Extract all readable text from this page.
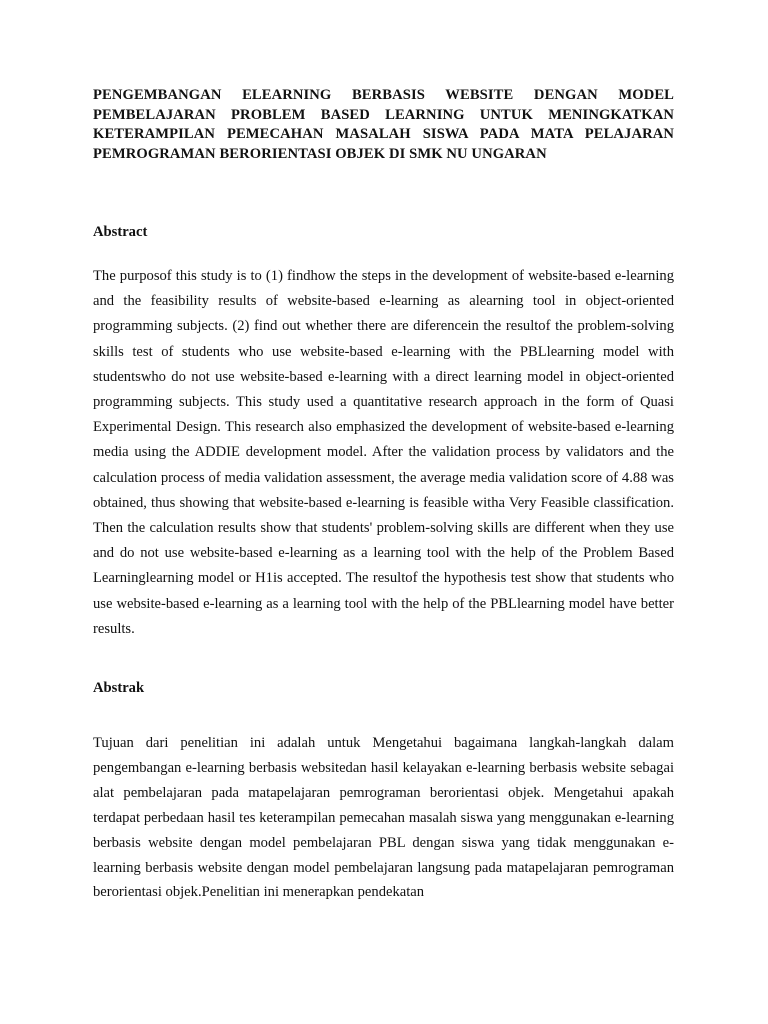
PENGEMBANGAN ELEARNING BERBASIS WEBSITE DENGAN MODEL PEMBELAJARAN PROBLEM BASED LEARNING UNTUK MENINGKATKAN KETERAMPILAN PEMECAHAN MASALAH SISWA PADA MATA PELAJARAN PEMROGRAMAN BERORIENTASI OBJEK DI SMK NU UNGARAN
Abstract

The purposof this study is to (1) findhow the steps in the development of website-based e-learning and the feasibility results of website-based e-learning as alearning tool in object-oriented programming subjects. (2) find out whether there are diferencein the resultof the problem-solving skills test of students who use website-based e-learning with the PBLlearning model with studentswho do not use website-based e-learning with a direct learning model in object-oriented programming subjects. This study used a quantitative research approach in the form of Quasi Experimental Design. This research also emphasized the development of website-based e-learning media using the ADDIE development model. After the validation process by validators and the calculation process of media validation assessment, the average media validation score of 4.88 was obtained, thus showing that website-based e-learning is feasible witha Very Feasible classification. Then the calculation results show that students' problem-solving skills are different when they use and do not use website-based e-learning as a learning tool with the help of the Problem Based Learninglearning model or H1is accepted. The resultof the hypothesis test show that students who use website-based e-learning as a learning tool with the help of the PBLlearning model have better results.

Abstrak

Tujuan dari penelitian ini adalah untuk Mengetahui bagaimana langkah-langkah dalam pengembangan e-learning berbasis websitedan hasil kelayakan e-learning berbasis website sebagai alat pembelajaran pada matapelajaran pemrograman berorientasi objek. Mengetahui apakah terdapat perbedaan hasil tes keterampilan pemecahan masalah siswa yang menggunakan e-learning berbasis website dengan model pembelajaran PBL dengan siswa yang tidak menggunakan e-learning berbasis website dengan model pembelajaran langsung pada matapelajaran pemrograman berorientasi objek.Penelitian ini menerapkan pendekatan
